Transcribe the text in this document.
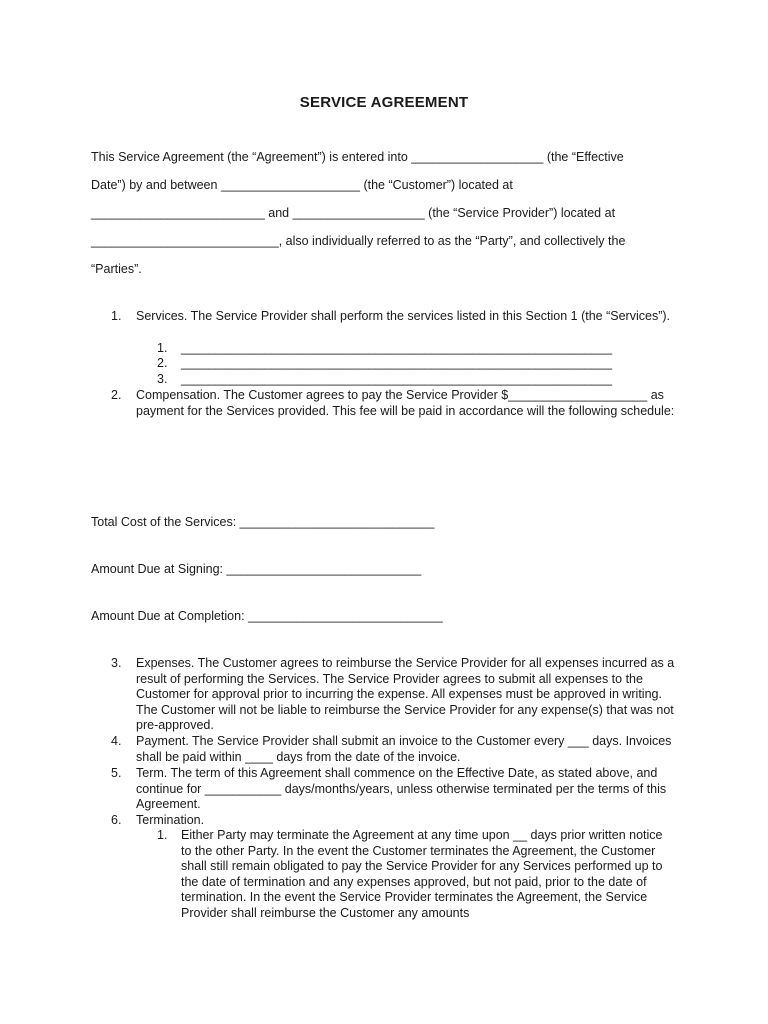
SERVICE AGREEMENT

This Service Agreement (the “Agreement”) is entered into ___________________ (the “Effective

Date”) by and between ____________________ (the “Customer”) located at

_________________________ and ___________________ (the “Service Provider”) located at

___________________________, also individually referred to as the “Party”, and collectively the

“Parties”.

1.	Services. The Service Provider shall perform the services listed in this Section 1 (the “Services”).
1.	______________________________________________________________
2.	______________________________________________________________
3.	______________________________________________________________
2.	Compensation. The Customer agrees to pay the Service Provider $____________________ as payment for the Services provided. This fee will be paid in accordance will the following schedule:
Total Cost of the Services: ____________________________
Amount Due at Signing: ____________________________
Amount Due at Completion: ____________________________
3.	Expenses. The Customer agrees to reimburse the Service Provider for all expenses incurred as a result of performing the Services. The Service Provider agrees to submit all expenses to the Customer for approval prior to incurring the expense. All expenses must be approved in writing. The Customer will not be liable to reimburse the Service Provider for any expense(s) that was not pre-approved.
4.	Payment. The Service Provider shall submit an invoice to the Customer every ___ days. Invoices shall be paid within ____ days from the date of the invoice.
5.	Term. The term of this Agreement shall commence on the Effective Date, as stated above, and continue for ___________ days/months/years, unless otherwise terminated per the terms of this Agreement.
6.	Termination.
1.	Either Party may terminate the Agreement at any time upon __ days prior written notice to the other Party. In the event the Customer terminates the Agreement, the Customer shall still remain obligated to pay the Service Provider for any Services performed up to the date of termination and any expenses approved, but not paid, prior to the date of termination. In the event the Service Provider terminates the Agreement, the Service Provider shall reimburse the Customer any amounts
